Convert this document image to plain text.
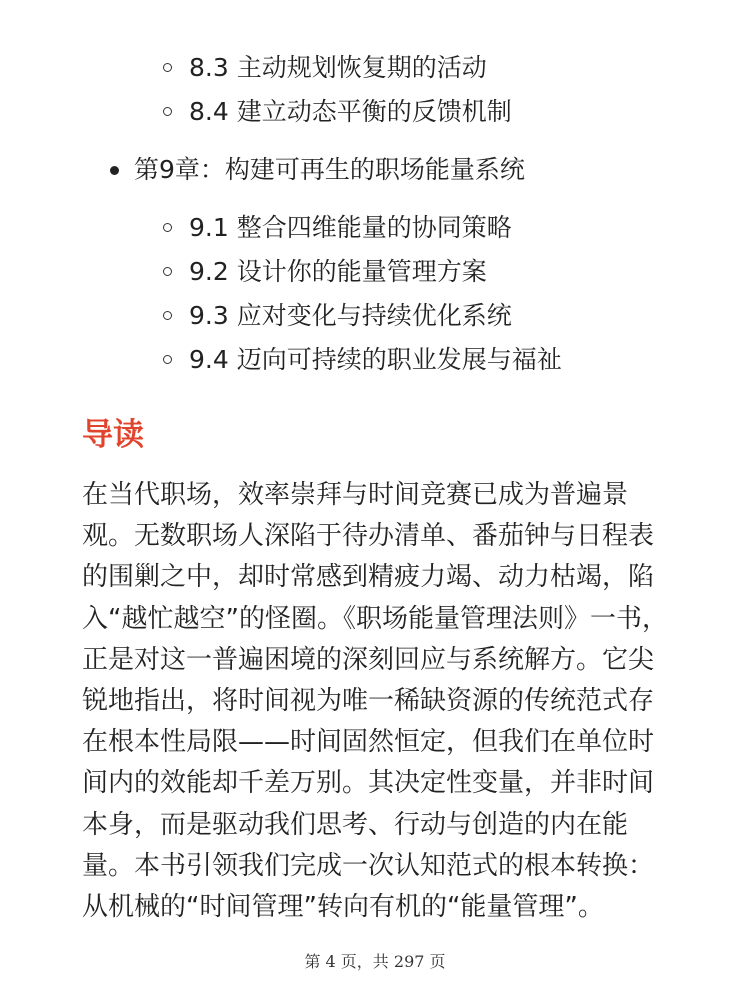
8.3 主动规划恢复期的活动
8.4 建立动态平衡的反馈机制
第9章：构建可再生的职场能量系统
9.1 整合四维能量的协同策略
9.2 设计你的能量管理方案
9.3 应对变化与持续优化系统
9.4 迈向可持续的职业发展与福祉
导读
在当代职场，效率崇拜与时间竞赛已成为普遍景观。无数职场人深陷于待办清单、番茄钟与日程表的围剿之中，却时常感到精疲力竭、动力枯竭，陷入“越忙越空”的怪圈。《职场能量管理法则》一书，正是对这一普遍困境的深刻回应与系统解方。它尖锐地指出，将时间视为唯一稀缺资源的传统范式存在根本性局限——时间固然恒定，但我们在单位时间内的效能却千差万别。其决定性变量，并非时间本身，而是驱动我们思考、行动与创造的内在能量。本书引领我们完成一次认知范式的根本转换：从机械的“时间管理”转向有机的“能量管理”。
第 4 页，共 297 页
